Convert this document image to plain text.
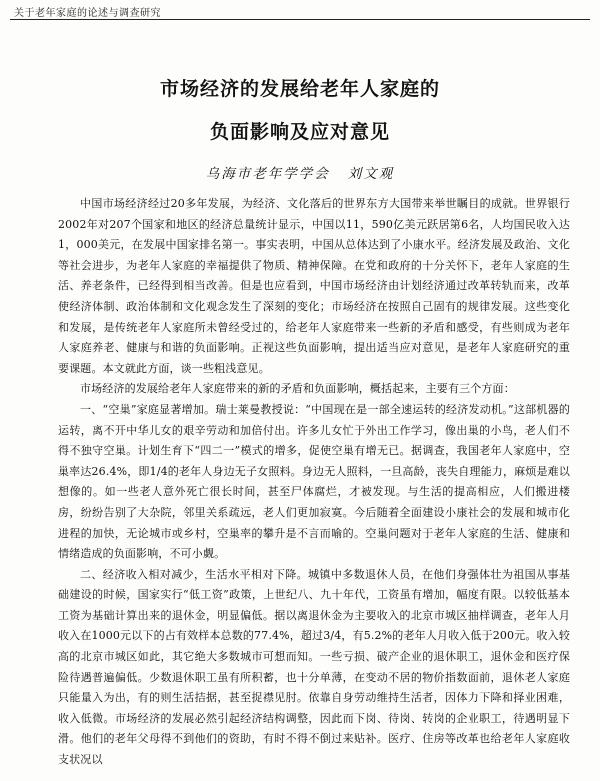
关于老年家庭的论述与调查研究
市场经济的发展给老年人家庭的
负面影响及应对意见
乌海市老年学学会 刘文观

中国市场经济经过20多年发展，为经济、文化落后的世界东方大国带来举世瞩目的成就。世界银行2002年对207个国家和地区的经济总量统计显示，中国以11，590亿美元跃居第6名，人均国民收入达1，000美元，在发展中国家排名第一。事实表明，中国从总体达到了小康水平。经济发展及政治、文化等社会进步，为老年人家庭的幸福提供了物质、精神保障。在党和政府的十分关怀下，老年人家庭的生活、养老条件，已经得到相当改善。但是也应看到，中国市场经济由计划经济通过改革转轨而来，改革使经济体制、政治体制和文化观念发生了深刻的变化；市场经济在按照自己固有的规律发展。这些变化和发展，是传统老年人家庭所未曾经受过的，给老年人家庭带来一些新的矛盾和感受，有些则成为老年人家庭养老、健康与和谐的负面影响。正视这些负面影响，提出适当应对意见，是老年人家庭研究的重要课题。本文就此方面，谈一些粗浅意见。

市场经济的发展给老年人家庭带来的新的矛盾和负面影响，概括起来，主要有三个方面：

一、“空巢”家庭显著增加。瑞士莱曼教授说：“中国现在是一部全速运转的经济发动机。”这部机器的运转，离不开中华儿女的艰辛劳动和加倍付出。许多儿女忙于外出工作学习，像出巢的小鸟，老人们不得不独守空巢。计划生育下“四二一”模式的增多，促使空巢有增无已。据调查，我国老年人家庭中，空巢率达26.4%，即1/4的老年人身边无子女照料。身边无人照料，一旦高龄，丧失自理能力，麻烦是难以想像的。如一些老人意外死亡很长时间，甚至尸体腐烂，才被发现。与生活的提高相应，人们搬进楼房，纷纷告别了大杂院，邻里关系疏远，老人们更加寂寞。今后随着全面建设小康社会的发展和城市化进程的加快，无论城市或乡村，空巢率的攀升是不言而喻的。空巢问题对于老年人家庭的生活、健康和情绪造成的负面影响，不可小觑。

二、经济收入相对减少，生活水平相对下降。城镇中多数退休人员，在他们身强体壮为祖国从事基础建设的时候，国家实行“低工资”政策，上世纪八、九十年代，工资虽有增加，幅度有限。以较低基本工资为基础计算出来的退休金，明显偏低。据以离退休金为主要收入的北京市城区抽样调查，老年人月收入在1000元以下的占有效样本总数的77.4%，超过3/4，有5.2%的老年人月收入低于200元。收入较高的北京市城区如此，其它绝大多数城市可想而知。一些亏损、破产企业的退休职工，退休金和医疗保险待遇普遍偏低。少数退休职工虽有所积蓄，也十分单薄，在变动不居的物价指数面前，退休老人家庭只能量入为出，有的则生活拮据，甚至捉襟见肘。依靠自身劳动维持生活者，因体力下降和择业困难，收入低微。市场经济的发展必然引起经济结构调整，因此而下岗、待岗、转岗的企业职工，待遇明显下滑。他们的老年父母得不到他们的资助，有时不得不倒过来贴补。医疗、住房等改革也给老年人家庭收支状况以
